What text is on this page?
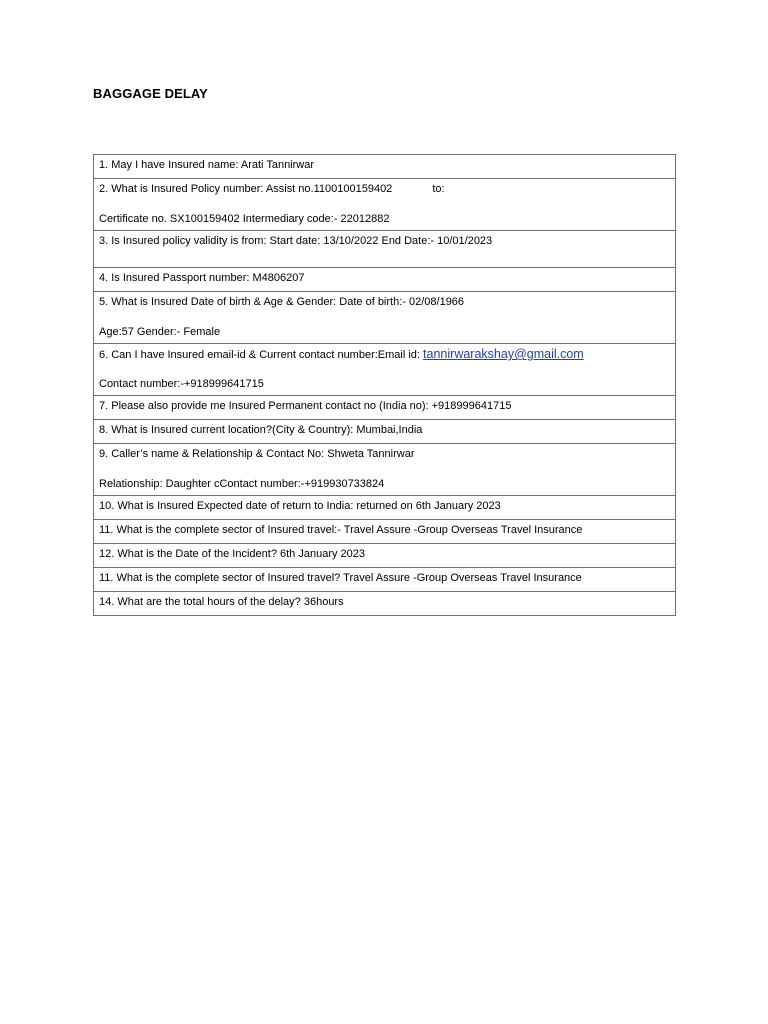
BAGGAGE DELAY
1. May I have Insured name: Arati Tannirwar

2. What is Insured Policy number: Assist no.1100100159402	to:
Certificate no. SX100159402 Intermediary code:- 22012882

3. Is Insured policy validity is from: Start date: 13/10/2022 End Date:- 10/01/2023

4. Is Insured Passport number: M4806207

5. What is Insured Date of birth & Age & Gender: Date of birth:- 02/08/1966
Age:57 Gender:- Female

6. Can I have Insured email-id & Current contact number:Email id: tannirwarakshay@gmail.com
Contact number:-+918999641715

7. Please also provide me Insured Permanent contact no (India no): +918999641715

8. What is Insured current location?(City & Country): Mumbai,India

9. Caller’s name & Relationship & Contact No: Shweta Tannirwar
Relationship: Daughter cContact number:-+919930733824

10. What is Insured Expected date of return to India: returned on 6th January 2023

11. What is the complete sector of Insured travel:- Travel Assure -Group Overseas Travel Insurance

12. What is the Date of the Incident? 6th January 2023

11. What is the complete sector of Insured travel? Travel Assure -Group Overseas Travel Insurance

14. What are the total hours of the delay? 36hours
